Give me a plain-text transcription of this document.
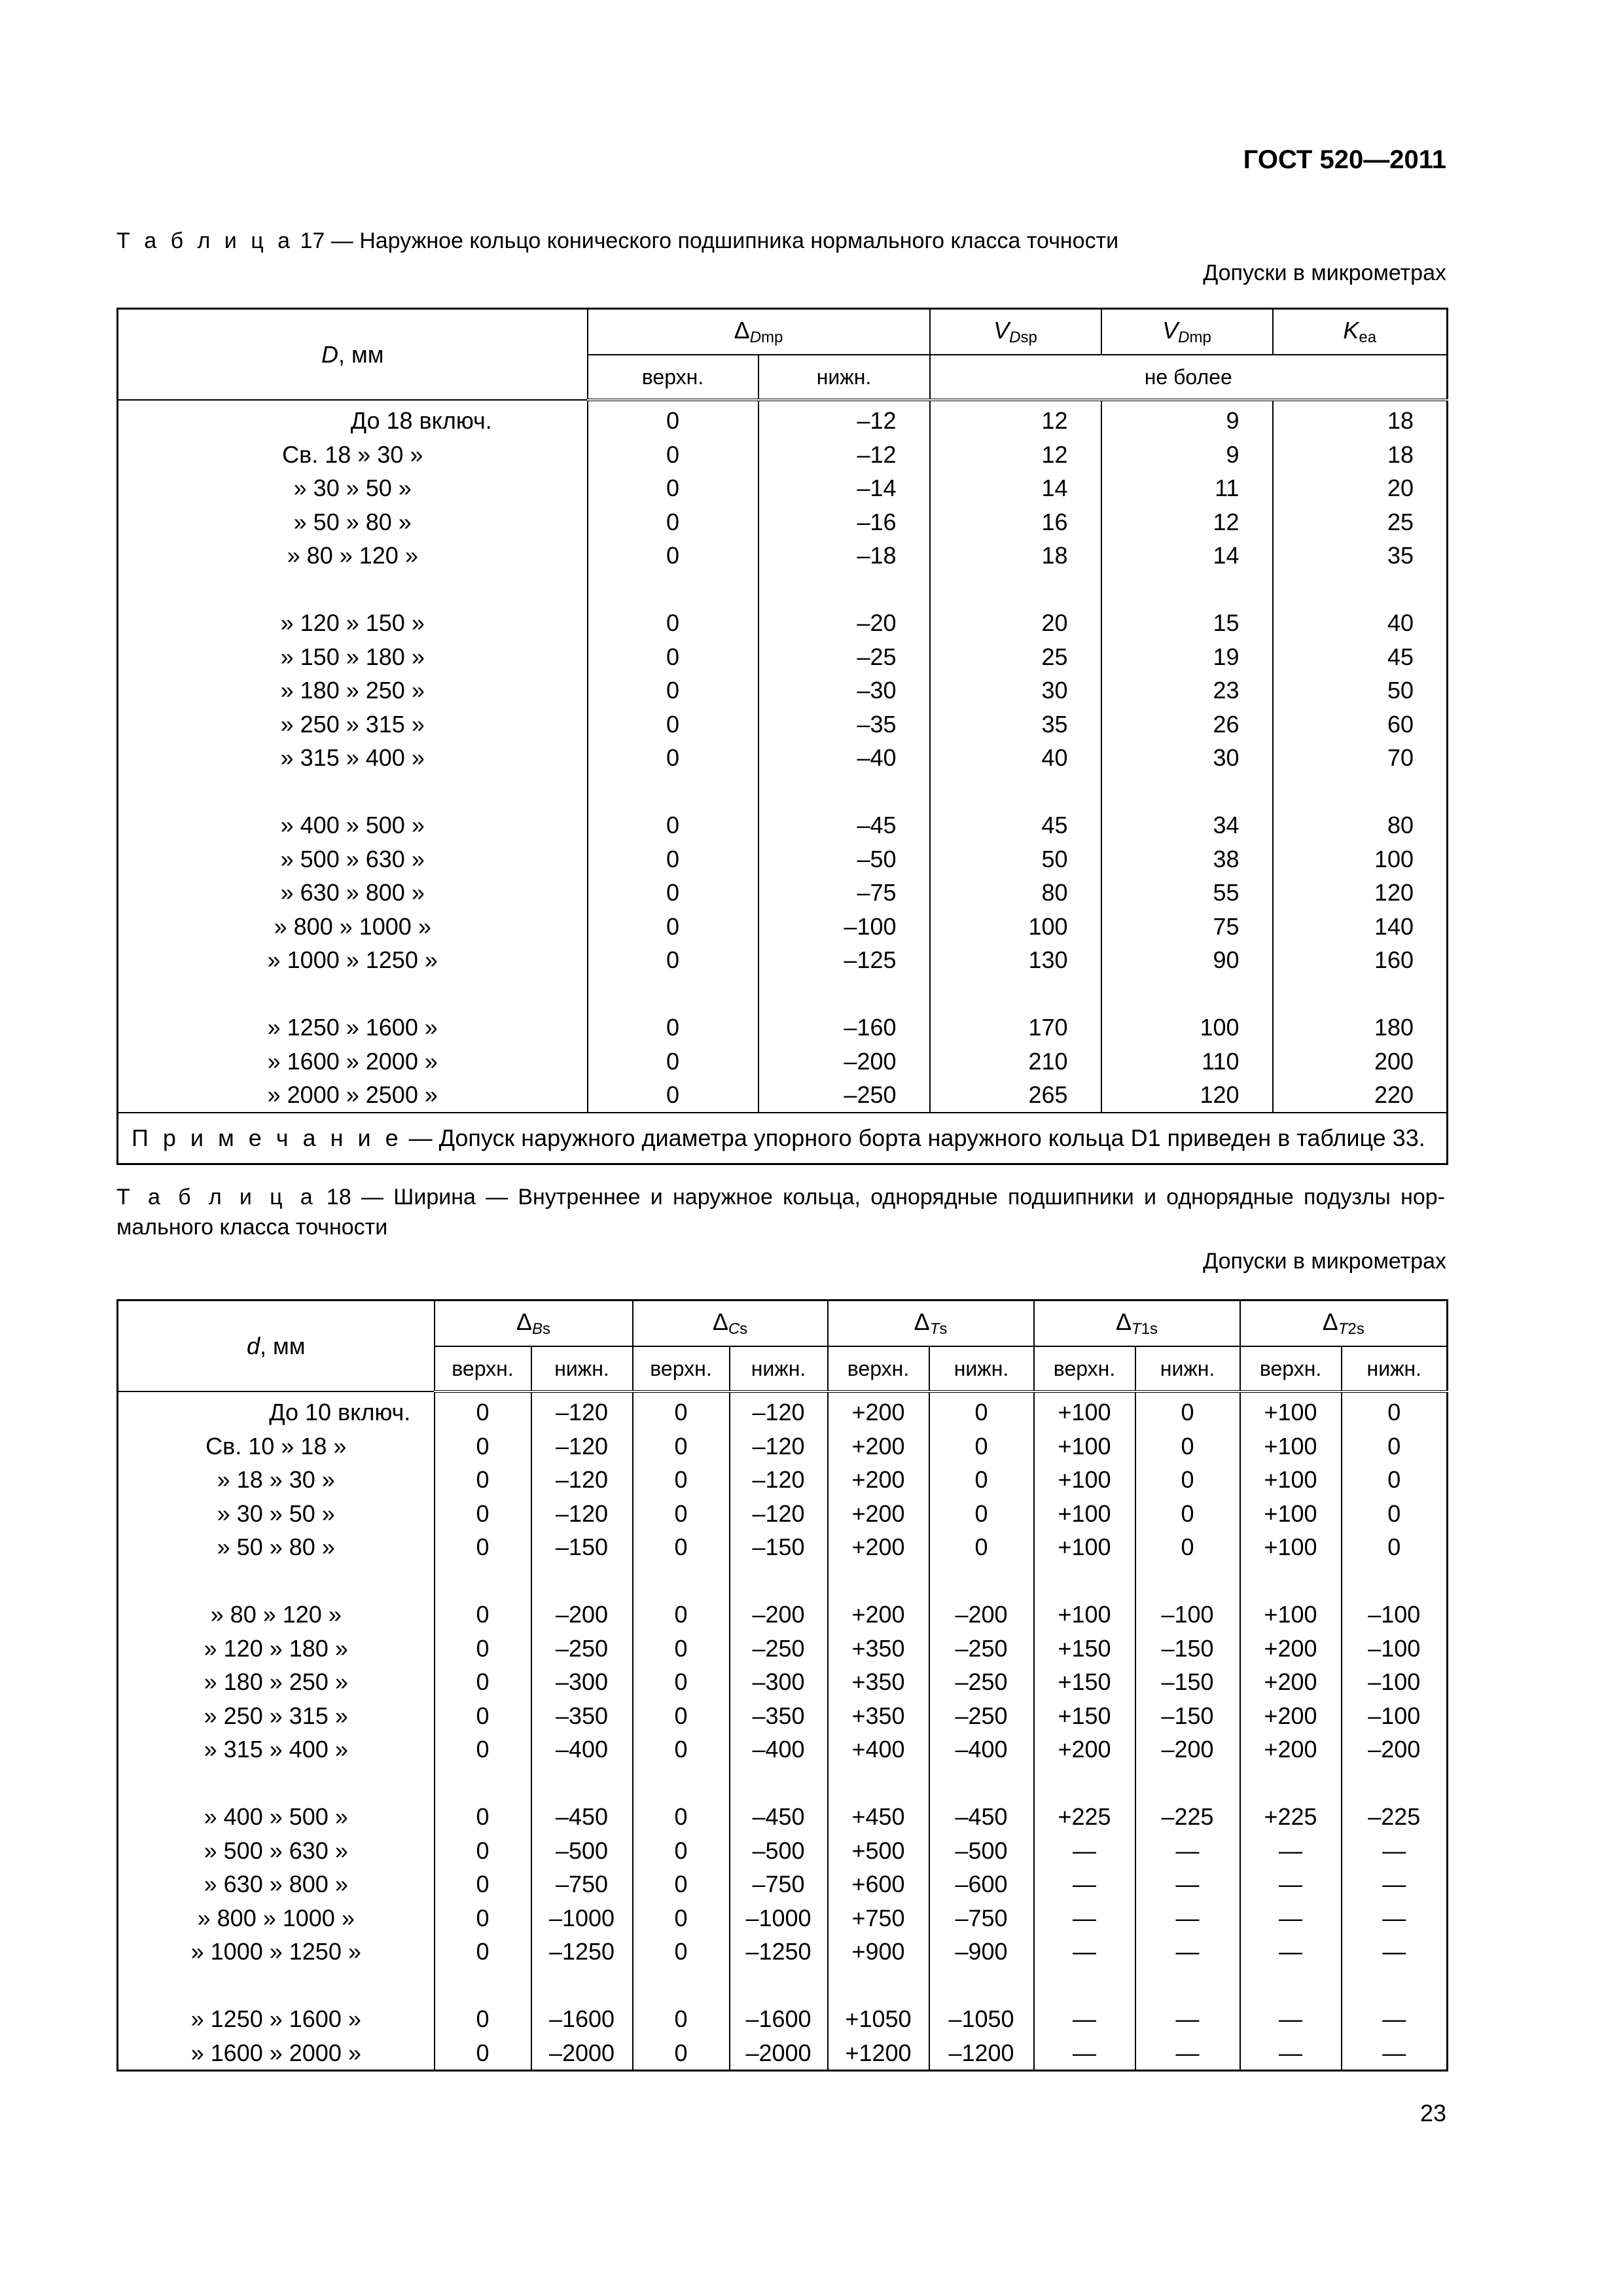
ГОСТ 520—2011
Т а б л и ц а 17 — Наружное кольцо конического подшипника нормального класса точности
Допуски в микрометрах
D, мм	$\Delta_{Dmp}$		$V_{Dsp}$	$V_{Dmp}$	$K_{ea}$
	верхн.	нижн.	не более		
До 18 включ.	0	–12	12	9	18
Св. 18 » 30 »	0	–12	12	9	18
» 30 » 50 »	0	–14	14	11	20
» 50 » 80 »	0	–16	16	12	25
» 80 » 120 »	0	–18	18	14	35

» 120 » 150 »	0	–20	20	15	40
» 150 » 180 »	0	–25	25	19	45
» 180 » 250 »	0	–30	30	23	50
» 250 » 315 »	0	–35	35	26	60
» 315 » 400 »	0	–40	40	30	70

» 400 » 500 »	0	–45	45	34	80
» 500 » 630 »	0	–50	50	38	100
» 630 » 800 »	0	–75	80	55	120
» 800 » 1000 »	0	–100	100	75	140
» 1000 » 1250 »	0	–125	130	90	160

» 1250 » 1600 »	0	–160	170	100	180
» 1600 » 2000 »	0	–200	210	110	200
» 2000 » 2500 »	0	–250	265	120	220
П р и м е ч а н и е — Допуск наружного диаметра упорного борта наружного кольца D1 приведен в таблице 33.					
Т а б л и ц а 18 — Ширина — Внутреннее и наружное кольца, однорядные подшипники и однорядные подузлы нор-мального класса точности
Допуски в микрометрах
d, мм	$\Delta_{Bs}$		$\Delta_{Cs}$		$\Delta_{Ts}$		$\Delta_{T1s}$		$\Delta_{T2s}$
	верхн.	нижн.	верхн.	нижн.	верхн.	нижн.	верхн.	нижн.	верхн.	нижн.
До 10 включ.	0	–120	0	–120	+200	0	+100	0	+100	0
Св. 10 » 18 »	0	–120	0	–120	+200	0	+100	0	+100	0
» 18 » 30 »	0	–120	0	–120	+200	0	+100	0	+100	0
» 30 » 50 »	0	–120	0	–120	+200	0	+100	0	+100	0
» 50 » 80 »	0	–150	0	–150	+200	0	+100	0	+100	0

» 80 » 120 »	0	–200	0	–200	+200	–200	+100	–100	+100	–100
» 120 » 180 »	0	–250	0	–250	+350	–250	+150	–150	+200	–100
» 180 » 250 »	0	–300	0	–300	+350	–250	+150	–150	+200	–100
» 250 » 315 »	0	–350	0	–350	+350	–250	+150	–150	+200	–100
» 315 » 400 »	0	–400	0	–400	+400	–400	+200	–200	+200	–200

» 400 » 500 »	0	–450	0	–450	+450	–450	+225	–225	+225	–225
» 500 » 630 »	0	–500	0	–500	+500	–500	—	—	—	—
» 630 » 800 »	0	–750	0	–750	+600	–600	—	—	—	—
» 800 » 1000 »	0	–1000	0	–1000	+750	–750	—	—	—	—
» 1000 » 1250 »	0	–1250	0	–1250	+900	–900	—	—	—	—

» 1250 » 1600 »	0	–1600	0	–1600	+1050	–1050	—	—	—	—
» 1600 » 2000 »	0	–2000	0	–2000	+1200	–1200	—	—	—	—
23
